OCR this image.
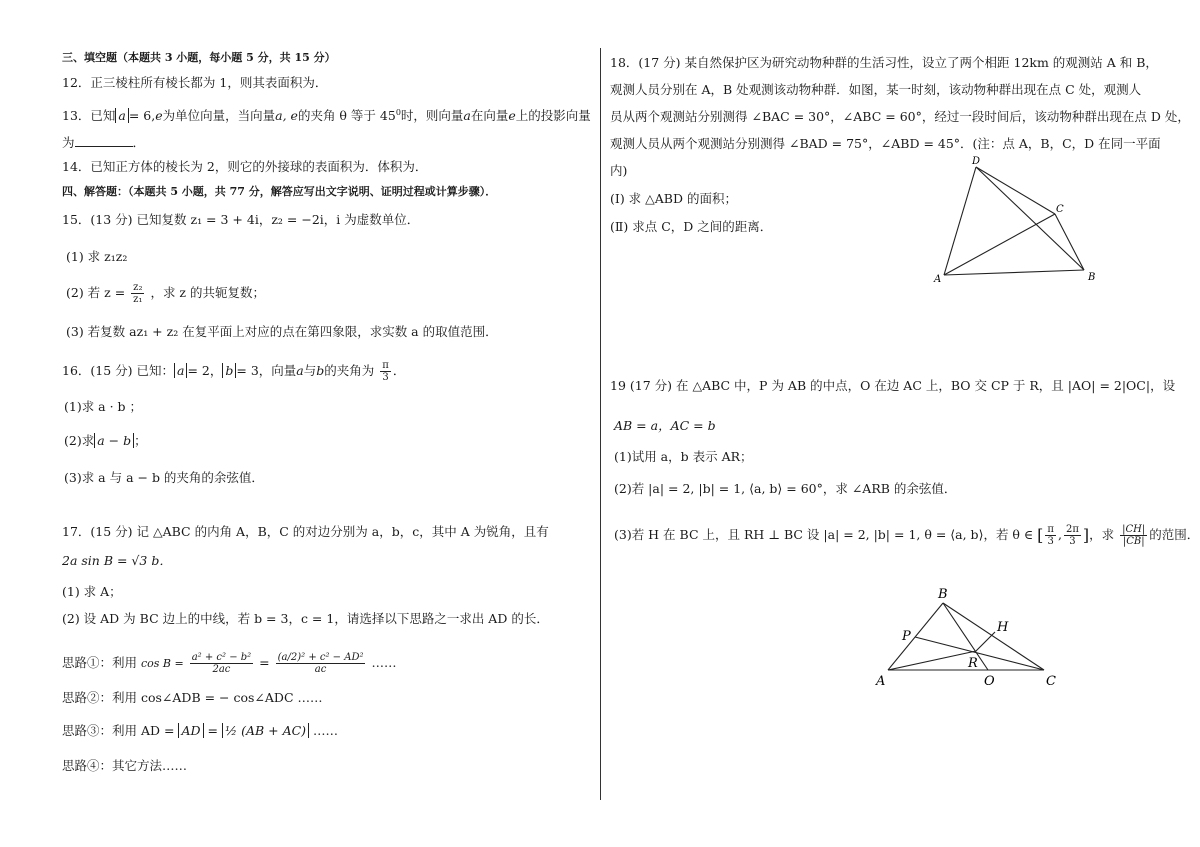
三、填空题（本题共 3 小题，每小题 5 分，共 15 分）
12．正三棱柱所有棱长都为 1，则其表面积为．
13．已知 a = 6,e为单位向量，当向量a, e的夹角 θ 等于 $45^0$时，则向量a在向量e上的投影向量
为	．
14．已知正方体的棱长为 2，则它的外接球的表面积为．体积为．
四、解答题：（本题共 5 小题，共 77 分，解答应写出文字说明、证明过程或计算步骤）．
15．(13 分) 已知复数 z₁ = 3 + 4i，z₂ = −2i，i 为虚数单位．
(1) 求 z₁z₂
(2) 若 $z = \frac{\text{z₂}}{\text{z₁}}$ ，求 z 的共轭复数；
(3) 若复数 az₁ + z₂ 在复平面上对应的点在第四象限，求实数 a 的取值范围．
16．(15 分) 已知： a = 2， b = 3，向量a与b的夹角为 $\frac{\pi}{3}$ ．
(1)求 a · b ；
(2)求 a − b ；
(3)求 a 与 a − b 的夹角的余弦值．
17．(15 分) 记 △ABC 的内角 A，B，C 的对边分别为 a，b，c，其中 A 为锐角，且有
2a sin B = √3 b．
(1) 求 A；
(2) 设 AD 为 BC 边上的中线，若 b = 3，c = 1，请选择以下思路之一求出 AD 的长．
思路①：利用 $\cos B = \frac{\text{a² + c² − b²}}{2ac} = \frac{\text{(a/2)² + c² − AD²}}{ac}$ ……
思路②：利用 cos∠ADB = − cos∠ADC ……
思路③：利用 AD = AD = ½ (AB + AC) ……
思路④：其它方法……
18．(17 分) 某自然保护区为研究动物种群的生活习性，设立了两个相距 12km 的观测站 A 和 B，
观测人员分别在 A，B 处观测该动物种群．如图，某一时刻，该动物种群出现在点 C 处，观测人
员从两个观测站分别测得 ∠BAC = 30°，∠ABC = 60°，经过一段时间后，该动物种群出现在点 D 处，
观测人员从两个观测站分别测得 ∠BAD = 75°，∠ABD = 45°．(注：点 A，B，C，D 在同一平面
内)
(Ⅰ) 求 △ABD 的面积；
(Ⅱ) 求点 C，D 之间的距离．
A	B
C
D
19 (17 分) 在 △ABC 中，P 为 AB 的中点，O 在边 AC 上，BO 交 CP 于 R，且 |AO| = 2|OC|，设
AB = a，AC = b
(1)试用 a，b 表示 AR；
(2)若 |a| = 2, |b| = 1, ⟨a, b⟩ = 60°，求 ∠ARB 的余弦值．
(3)若 H 在 BC 上，且 RH ⊥ BC 设 |a| = 2, |b| = 1, θ = ⟨a, b⟩，若 θ ∈ [ $\frac{\pi}{3}$ , $\frac{2\pi}{3}$ ]，求 $\frac{|CH|}{|CB|}$ 的范围．
A
B
C
P
H
R
O
